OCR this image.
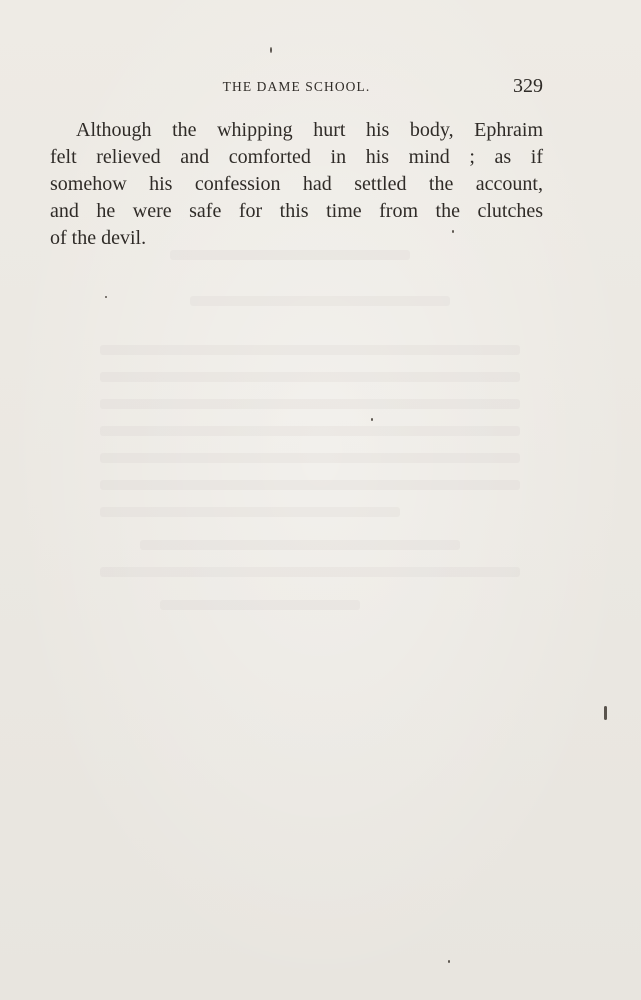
THE DAME SCHOOL.	329
Although the whipping hurt his body, Ephraim
felt relieved and comforted in his mind ; as if
somehow his confession had settled the account,
and he were safe for this time from the clutches
of the devil.
